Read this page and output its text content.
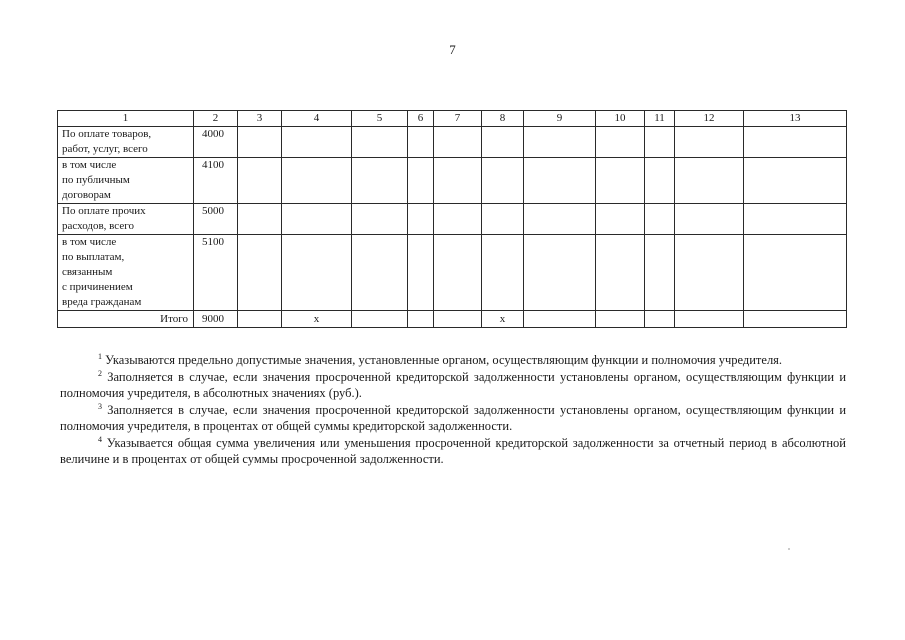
7
1	2	3	4	5	6	7	8	9	10	11	12	13

По оплате товаров,
работ, услуг, всего	4000											

в том числе
по публичным
договорам	4100											

По оплате прочих
расходов, всего	5000											

в том числе
по выплатам,
связанным
с причинением
вреда гражданам	5100											
Итого	9000		х				х					

$^1$ Указываются предельно допустимые значения, установленные органом, осуществляющим функции и полномочия учредителя.

$^2$ Заполняется в случае, если значения просроченной кредиторской задолженности установлены органом, осуществляющим функции и полномочия учредителя, в абсолютных значениях (руб.).

$^3$ Заполняется в случае, если значения просроченной кредиторской задолженности установлены органом, осуществляющим функции и полномочия учредителя, в процентах от общей суммы кредиторской задолженности.

$^4$ Указывается общая сумма увеличения или уменьшения просроченной кредиторской задолженности за отчетный период в абсолютной величине и в процентах от общей суммы просроченной задолженности.
